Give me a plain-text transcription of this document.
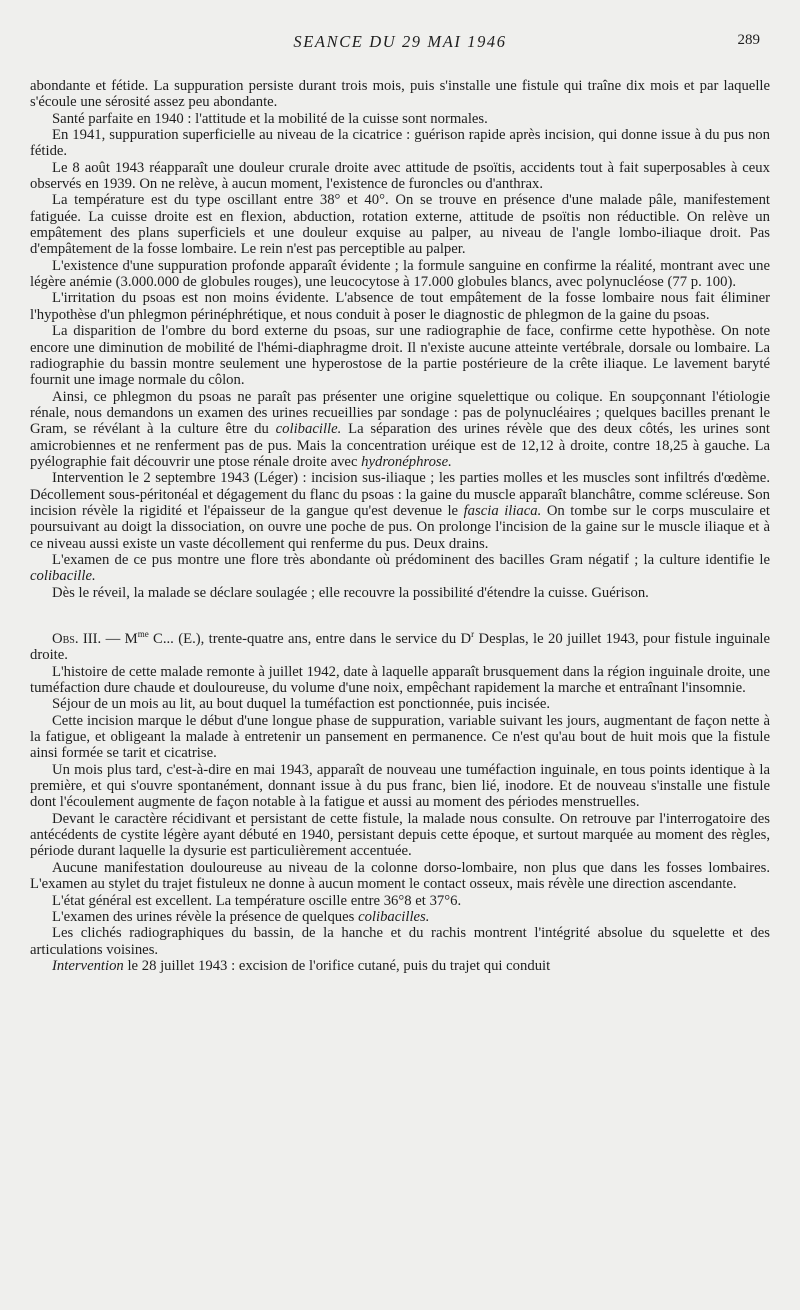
SEANCE DU 29 MAI 1946	289

abondante et fétide. La suppuration persiste durant trois mois, puis s'installe une fistule qui traîne dix mois et par laquelle s'écoule une sérosité assez peu abondante.

Santé parfaite en 1940 : l'attitude et la mobilité de la cuisse sont normales.

En 1941, suppuration superficielle au niveau de la cicatrice : guérison rapide après incision, qui donne issue à du pus non fétide.

Le 8 août 1943 réapparaît une douleur crurale droite avec attitude de psoïtis, accidents tout à fait superposables à ceux observés en 1939. On ne relève, à aucun moment, l'existence de furoncles ou d'anthrax.

La température est du type oscillant entre 38° et 40°. On se trouve en présence d'une malade pâle, manifestement fatiguée. La cuisse droite est en flexion, abduction, rotation externe, attitude de psoïtis non réductible. On relève un empâtement des plans superficiels et une douleur exquise au palper, au niveau de l'angle lombo-iliaque droit. Pas d'empâtement de la fosse lombaire. Le rein n'est pas perceptible au palper.

L'existence d'une suppuration profonde apparaît évidente ; la formule sanguine en confirme la réalité, montrant avec une légère anémie (3.000.000 de globules rouges), une leucocytose à 17.000 globules blancs, avec polynucléose (77 p. 100).

L'irritation du psoas est non moins évidente. L'absence de tout empâtement de la fosse lombaire nous fait éliminer l'hypothèse d'un phlegmon périnéphrétique, et nous conduit à poser le diagnostic de phlegmon de la gaine du psoas.

La disparition de l'ombre du bord externe du psoas, sur une radiographie de face, confirme cette hypothèse. On note encore une diminution de mobilité de l'hémi-diaphragme droit. Il n'existe aucune atteinte vertébrale, dorsale ou lombaire. La radiographie du bassin montre seulement une hyperostose de la partie postérieure de la crête iliaque. Le lavement baryté fournit une image normale du côlon.

Ainsi, ce phlegmon du psoas ne paraît pas présenter une origine squelettique ou colique. En soupçonnant l'étiologie rénale, nous demandons un examen des urines recueillies par sondage : pas de polynucléaires ; quelques bacilles prenant le Gram, se révélant à la culture être du colibacille. La séparation des urines révèle que des deux côtés, les urines sont amicrobiennes et ne renferment pas de pus. Mais la concentration uréique est de 12,12 à droite, contre 18,25 à gauche. La pyélographie fait découvrir une ptose rénale droite avec hydronéphrose.

Intervention le 2 septembre 1943 (Léger) : incision sus-iliaque ; les parties molles et les muscles sont infiltrés d'œdème. Décollement sous-péritonéal et dégagement du flanc du psoas : la gaine du muscle apparaît blanchâtre, comme scléreuse. Son incision révèle la rigidité et l'épaisseur de la gangue qu'est devenue le fascia iliaca. On tombe sur le corps musculaire et poursuivant au doigt la dissociation, on ouvre une poche de pus. On prolonge l'incision de la gaine sur le muscle iliaque et à ce niveau aussi existe un vaste décollement qui renferme du pus. Deux drains.

L'examen de ce pus montre une flore très abondante où prédominent des bacilles Gram négatif ; la culture identifie le colibacille.

Dès le réveil, la malade se déclare soulagée ; elle recouvre la possibilité d'étendre la cuisse. Guérison.

Obs. III. — $M^{me}$ C... (E.), trente-quatre ans, entre dans le service du $D^r$ Desplas, le 20 juillet 1943, pour fistule inguinale droite.

L'histoire de cette malade remonte à juillet 1942, date à laquelle apparaît brusquement dans la région inguinale droite, une tuméfaction dure chaude et douloureuse, du volume d'une noix, empêchant rapidement la marche et entraînant l'insomnie.

Séjour de un mois au lit, au bout duquel la tuméfaction est ponctionnée, puis incisée.

Cette incision marque le début d'une longue phase de suppuration, variable suivant les jours, augmentant de façon nette à la fatigue, et obligeant la malade à entretenir un pansement en permanence. Ce n'est qu'au bout de huit mois que la fistule ainsi formée se tarit et cicatrise.

Un mois plus tard, c'est-à-dire en mai 1943, apparaît de nouveau une tuméfaction inguinale, en tous points identique à la première, et qui s'ouvre spontanément, donnant issue à du pus franc, bien lié, inodore. Et de nouveau s'installe une fistule dont l'écoulement augmente de façon notable à la fatigue et aussi au moment des périodes menstruelles.

Devant le caractère récidivant et persistant de cette fistule, la malade nous consulte. On retrouve par l'interrogatoire des antécédents de cystite légère ayant débuté en 1940, persistant depuis cette époque, et surtout marquée au moment des règles, période durant laquelle la dysurie est particulièrement accentuée.

Aucune manifestation douloureuse au niveau de la colonne dorso-lombaire, non plus que dans les fosses lombaires. L'examen au stylet du trajet fistuleux ne donne à aucun moment le contact osseux, mais révèle une direction ascendante.

L'état général est excellent. La température oscille entre 36°8 et 37°6.

L'examen des urines révèle la présence de quelques colibacilles.

Les clichés radiographiques du bassin, de la hanche et du rachis montrent l'intégrité absolue du squelette et des articulations voisines.

Intervention le 28 juillet 1943 : excision de l'orifice cutané, puis du trajet qui conduit
